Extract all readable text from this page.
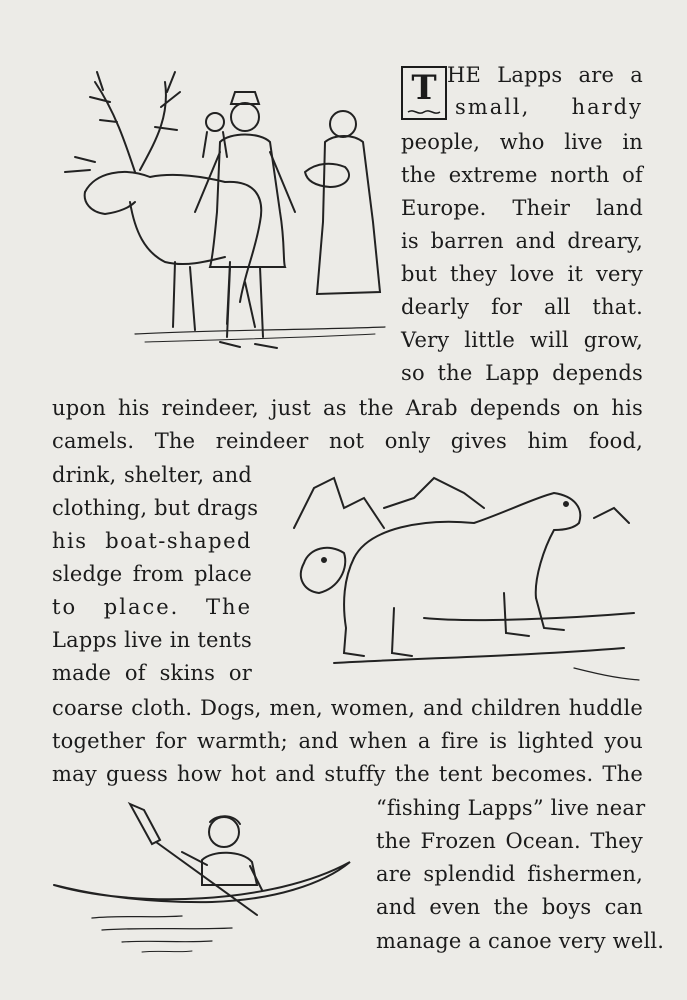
T HE Lapps are a
small, hardy
people, who live in
the extreme north of
Europe. Their land
is barren and dreary,
but they love it very
dearly for all that.
Very little will grow,
so the Lapp depends
upon his reindeer, just as the Arab depends on his
camels. The reindeer not only gives him food,
drink, shelter, and
clothing, but drags
his boat-shaped
sledge from place
to place. The
Lapps live in tents
made of skins or
coarse cloth. Dogs, men, women, and children huddle
together for warmth; and when a fire is lighted you
may guess how hot and stuffy the tent becomes. The
“fishing Lapps” live near
the Frozen Ocean. They
are splendid fishermen,
and even the boys can
manage a canoe very well.
